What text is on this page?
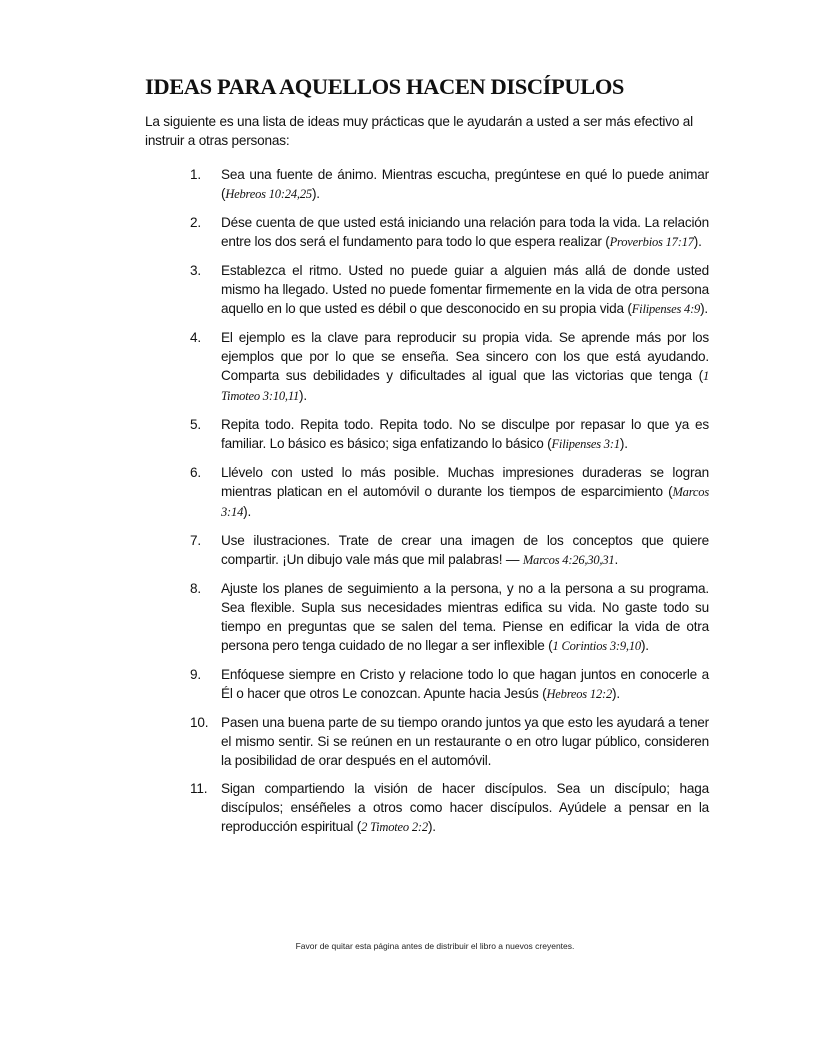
IDEAS PARA AQUELLOS HACEN DISCÍPULOS

La siguiente es una lista de ideas muy prácticas que le ayudarán a usted a ser más efectivo al instruir a otras personas:

1. Sea una fuente de ánimo. Mientras escucha, pregúntese en qué lo puede animar (Hebreos 10:24,25).
2. Dése cuenta de que usted está iniciando una relación para toda la vida. La relación entre los dos será el fundamento para todo lo que espera realizar (Proverbios 17:17).
3. Establezca el ritmo. Usted no puede guiar a alguien más allá de donde usted mismo ha llegado. Usted no puede fomentar firmemente en la vida de otra persona aquello en lo que usted es débil o que desconocido en su propia vida (Filipenses 4:9).
4. El ejemplo es la clave para reproducir su propia vida. Se aprende más por los ejemplos que por lo que se enseña. Sea sincero con los que está ayudando. Comparta sus debilidades y dificultades al igual que las victorias que tenga (1 Timoteo 3:10,11).
5. Repita todo. Repita todo. Repita todo. No se disculpe por repasar lo que ya es familiar. Lo básico es básico; siga enfatizando lo básico (Filipenses 3:1).
6. Llévelo con usted lo más posible. Muchas impresiones duraderas se logran mientras platican en el automóvil o durante los tiempos de esparcimiento (Marcos 3:14).
7. Use ilustraciones. Trate de crear una imagen de los conceptos que quiere compartir. ¡Un dibujo vale más que mil palabras! — Marcos 4:26,30,31.
8. Ajuste los planes de seguimiento a la persona, y no a la persona a su programa. Sea flexible. Supla sus necesidades mientras edifica su vida. No gaste todo su tiempo en preguntas que se salen del tema. Piense en edificar la vida de otra persona pero tenga cuidado de no llegar a ser inflexible (1 Corintios 3:9,10).
9. Enfóquese siempre en Cristo y relacione todo lo que hagan juntos en conocerle a Él o hacer que otros Le conozcan. Apunte hacia Jesús (Hebreos 12:2).
10. Pasen una buena parte de su tiempo orando juntos ya que esto les ayudará a tener el mismo sentir. Si se reúnen en un restaurante o en otro lugar público, consideren la posibilidad de orar después en el automóvil.
11. Sigan compartiendo la visión de hacer discípulos. Sea un discípulo; haga discípulos; enséñeles a otros como hacer discípulos. Ayúdele a pensar en la reproducción espiritual (2 Timoteo 2:2).
Favor de quitar esta página antes de distribuir el libro a nuevos creyentes.
